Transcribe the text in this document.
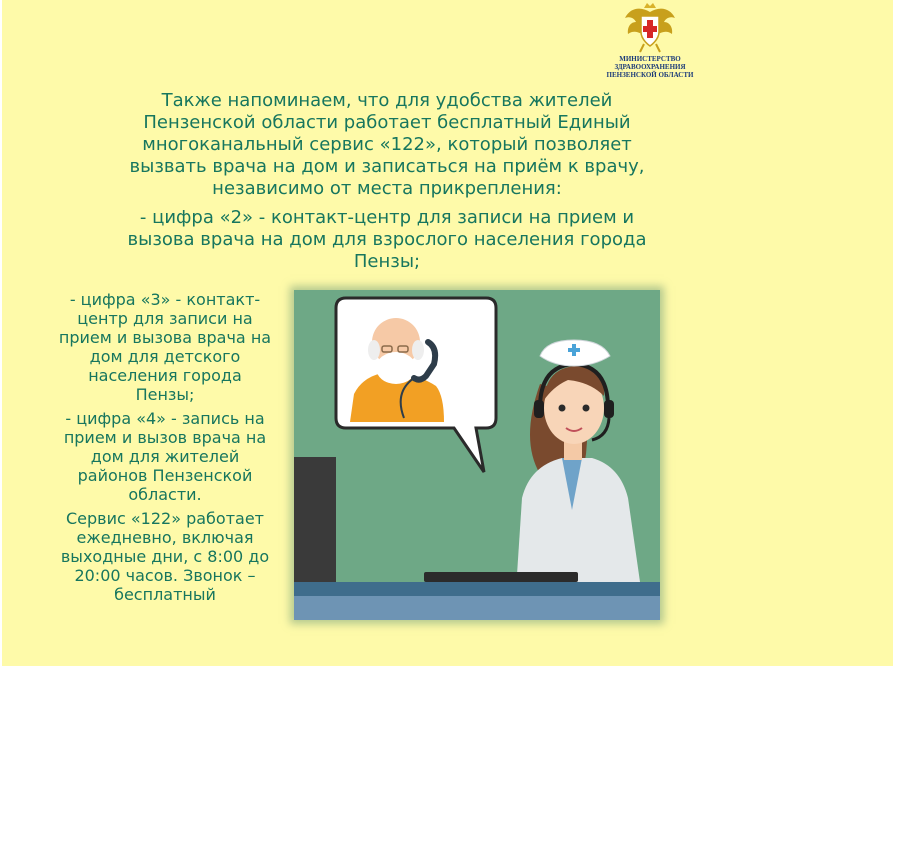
МИНИСТЕРСТВО
ЗДРАВООХРАНЕНИЯ
ПЕНЗЕНСКОЙ ОБЛАСТИ

Также напоминаем, что для удобства жителей

Пензенской области работает бесплатный Единый

многоканальный сервис «122», который позволяет

вызвать врача на дом и записаться на приём к врачу,

независимо от места прикрепления:

- цифра «2» - контакт-центр для записи на прием и

вызова врача на дом для взрослого населения города

Пензы;

- цифра «3» - контакт-
центр для записи на
прием и вызова врача на
дом для детского
населения города
Пензы;

- цифра «4» - запись на
прием и вызов врача на
дом для жителей
районов Пензенской
области.

Сервис «122» работает
ежедневно, включая
выходные дни, с 8:00 до
20:00 часов. Звонок –
бесплатный
